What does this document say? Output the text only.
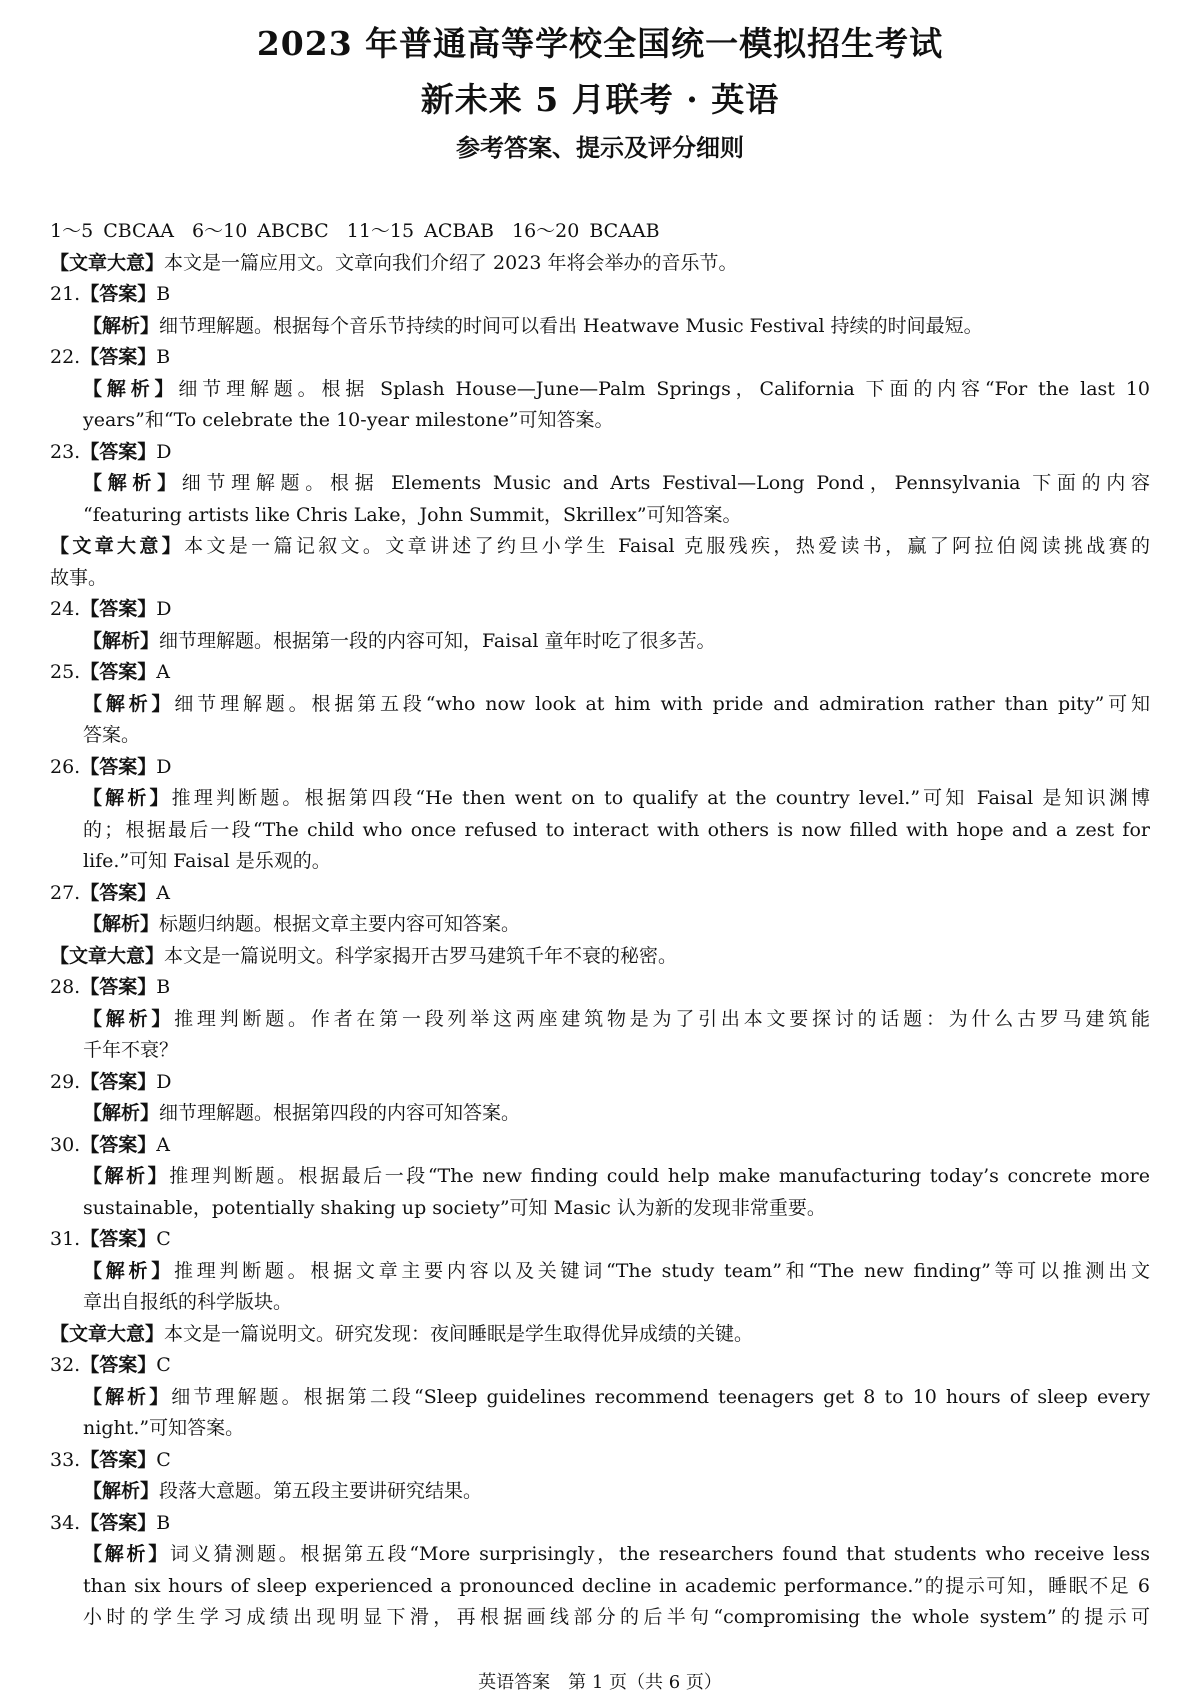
2023 年普通高等学校全国统一模拟招生考试
新未来 5 月联考 · 英语
参考答案、提示及评分细则
1～5 CBCAA 6～10 ABCBC 11～15 ACBAB 16～20 BCAAB
【文章大意】本文是一篇应用文。文章向我们介绍了 2023 年将会举办的音乐节。
21.【答案】B
【解析】细节理解题。根据每个音乐节持续的时间可以看出 Heatwave Music Festival 持续的时间最短。
22.【答案】B
【解析】细节理解题。根据 Splash House—June—Palm Springs，California 下面的内容“For the last 10
years”和“To celebrate the 10-year milestone”可知答案。
23.【答案】D
【解析】细节理解题。根据 Elements Music and Arts Festival—Long Pond，Pennsylvania 下面的内容
“featuring artists like Chris Lake，John Summit，Skrillex”可知答案。
【文章大意】本文是一篇记叙文。文章讲述了约旦小学生 Faisal 克服残疾，热爱读书，赢了阿拉伯阅读挑战赛的
故事。
24.【答案】D
【解析】细节理解题。根据第一段的内容可知，Faisal 童年时吃了很多苦。
25.【答案】A
【解析】细节理解题。根据第五段“who now look at him with pride and admiration rather than pity”可知
答案。
26.【答案】D
【解析】推理判断题。根据第四段“He then went on to qualify at the country level.”可知 Faisal 是知识渊博
的；根据最后一段“The child who once refused to interact with others is now filled with hope and a zest for
life.”可知 Faisal 是乐观的。
27.【答案】A
【解析】标题归纳题。根据文章主要内容可知答案。
【文章大意】本文是一篇说明文。科学家揭开古罗马建筑千年不衰的秘密。
28.【答案】B
【解析】推理判断题。作者在第一段列举这两座建筑物是为了引出本文要探讨的话题：为什么古罗马建筑能
千年不衰？
29.【答案】D
【解析】细节理解题。根据第四段的内容可知答案。
30.【答案】A
【解析】推理判断题。根据最后一段“The new finding could help make manufacturing today’s concrete more
sustainable，potentially shaking up society”可知 Masic 认为新的发现非常重要。
31.【答案】C
【解析】推理判断题。根据文章主要内容以及关键词“The study team”和“The new finding”等可以推测出文
章出自报纸的科学版块。
【文章大意】本文是一篇说明文。研究发现：夜间睡眠是学生取得优异成绩的关键。
32.【答案】C
【解析】细节理解题。根据第二段“Sleep guidelines recommend teenagers get 8 to 10 hours of sleep every
night.”可知答案。
33.【答案】C
【解析】段落大意题。第五段主要讲研究结果。
34.【答案】B
【解析】词义猜测题。根据第五段“More surprisingly，the researchers found that students who receive less
than six hours of sleep experienced a pronounced decline in academic performance.”的提示可知，睡眠不足 6
小时的学生学习成绩出现明显下滑，再根据画线部分的后半句“compromising the whole system”的提示可
英语答案　第 1 页（共 6 页）
